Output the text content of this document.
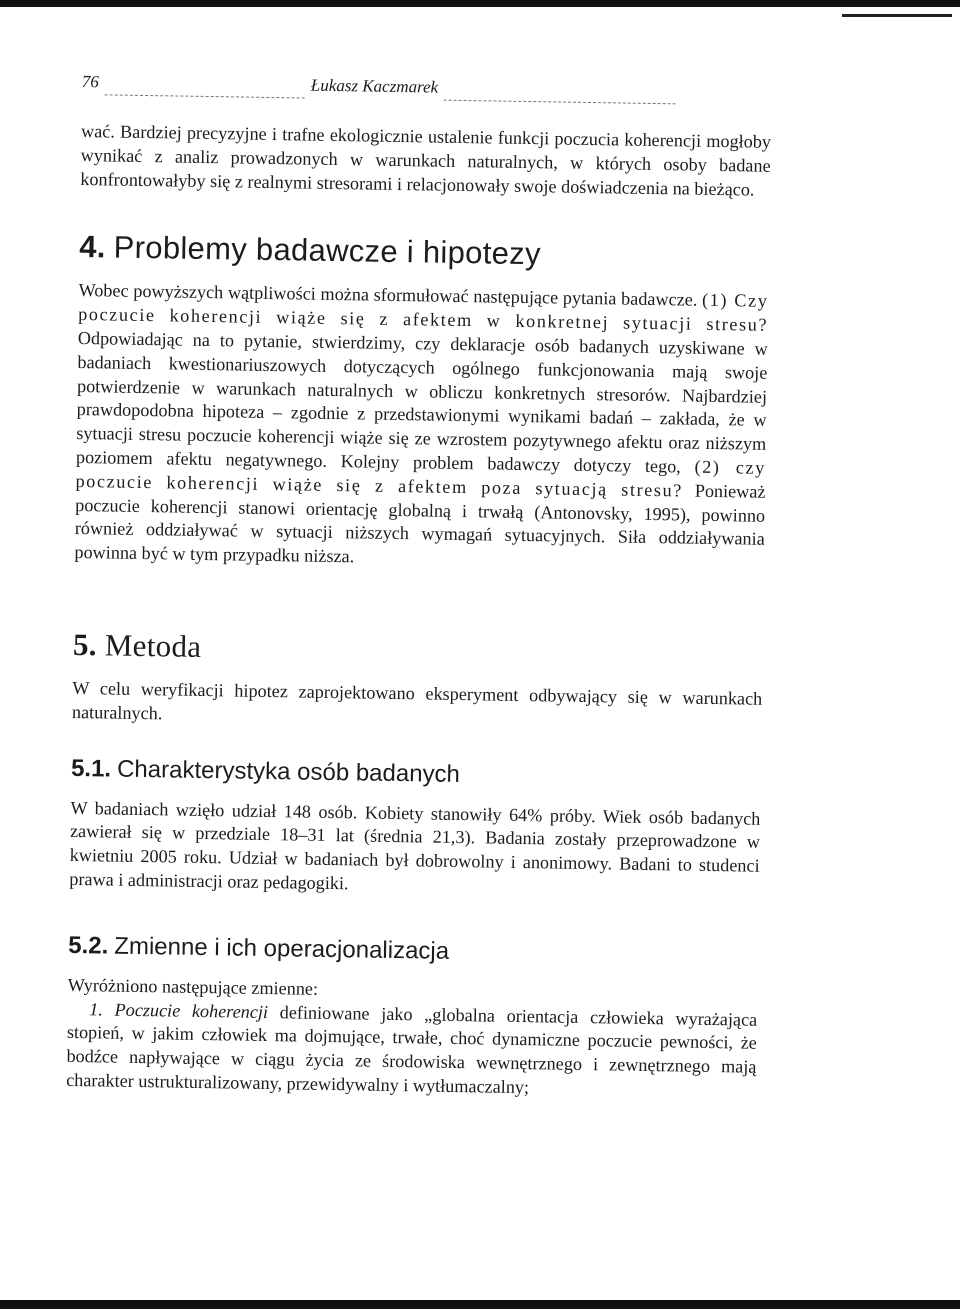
76	Łukasz Kaczmarek

wać. Bardziej precyzyjne i trafne ekologicznie ustalenie funkcji poczucia koherencji mogłoby wynikać z analiz prowadzonych w warunkach naturalnych, w których osoby badane konfrontowałyby się z realnymi stresorami i relacjonowały swoje doświadczenia na bieżąco.

4. Problemy badawcze i hipotezy

Wobec powyższych wątpliwości można sformułować następujące pytania badawcze. (1) Czy poczucie koherencji wiąże się z afektem w konkretnej sytuacji stresu? Odpowiadając na to pytanie, stwierdzimy, czy deklaracje osób badanych uzyskiwane w badaniach kwestionariuszowych dotyczących ogólnego funkcjonowania mają swoje potwierdzenie w warunkach naturalnych w obliczu konkretnych stresorów. Najbardziej prawdopodobna hipoteza – zgodnie z przedstawionymi wynikami badań – zakłada, że w sytuacji stresu poczucie koherencji wiąże się ze wzrostem pozytywnego afektu oraz niższym poziomem afektu negatywnego. Kolejny problem badawczy dotyczy tego, (2) czy poczucie koherencji wiąże się z afektem poza sytuacją stresu? Ponieważ poczucie koherencji stanowi orientację globalną i trwałą (Antonovsky, 1995), powinno również oddziaływać w sytuacji niższych wymagań sytuacyjnych. Siła oddziaływania powinna być w tym przypadku niższa.

5. Metoda

W celu weryfikacji hipotez zaprojektowano eksperyment odbywający się w warunkach naturalnych.

5.1. Charakterystyka osób badanych

W badaniach wzięło udział 148 osób. Kobiety stanowiły 64% próby. Wiek osób badanych zawierał się w przedziale 18–31 lat (średnia 21,3). Badania zostały przeprowadzone w kwietniu 2005 roku. Udział w badaniach był dobrowolny i anonimowy. Badani to studenci prawa i administracji oraz pedagogiki.

5.2. Zmienne i ich operacjonalizacja

Wyróżniono następujące zmienne:

1. Poczucie koherencji definiowane jako „globalna orientacja człowieka wyrażająca stopień, w jakim człowiek ma dojmujące, trwałe, choć dynamiczne poczucie pewności, że bodźce napływające w ciągu życia ze środowiska wewnętrznego i zewnętrznego mają charakter ustrukturalizowany, przewidywalny i wytłumaczalny;
